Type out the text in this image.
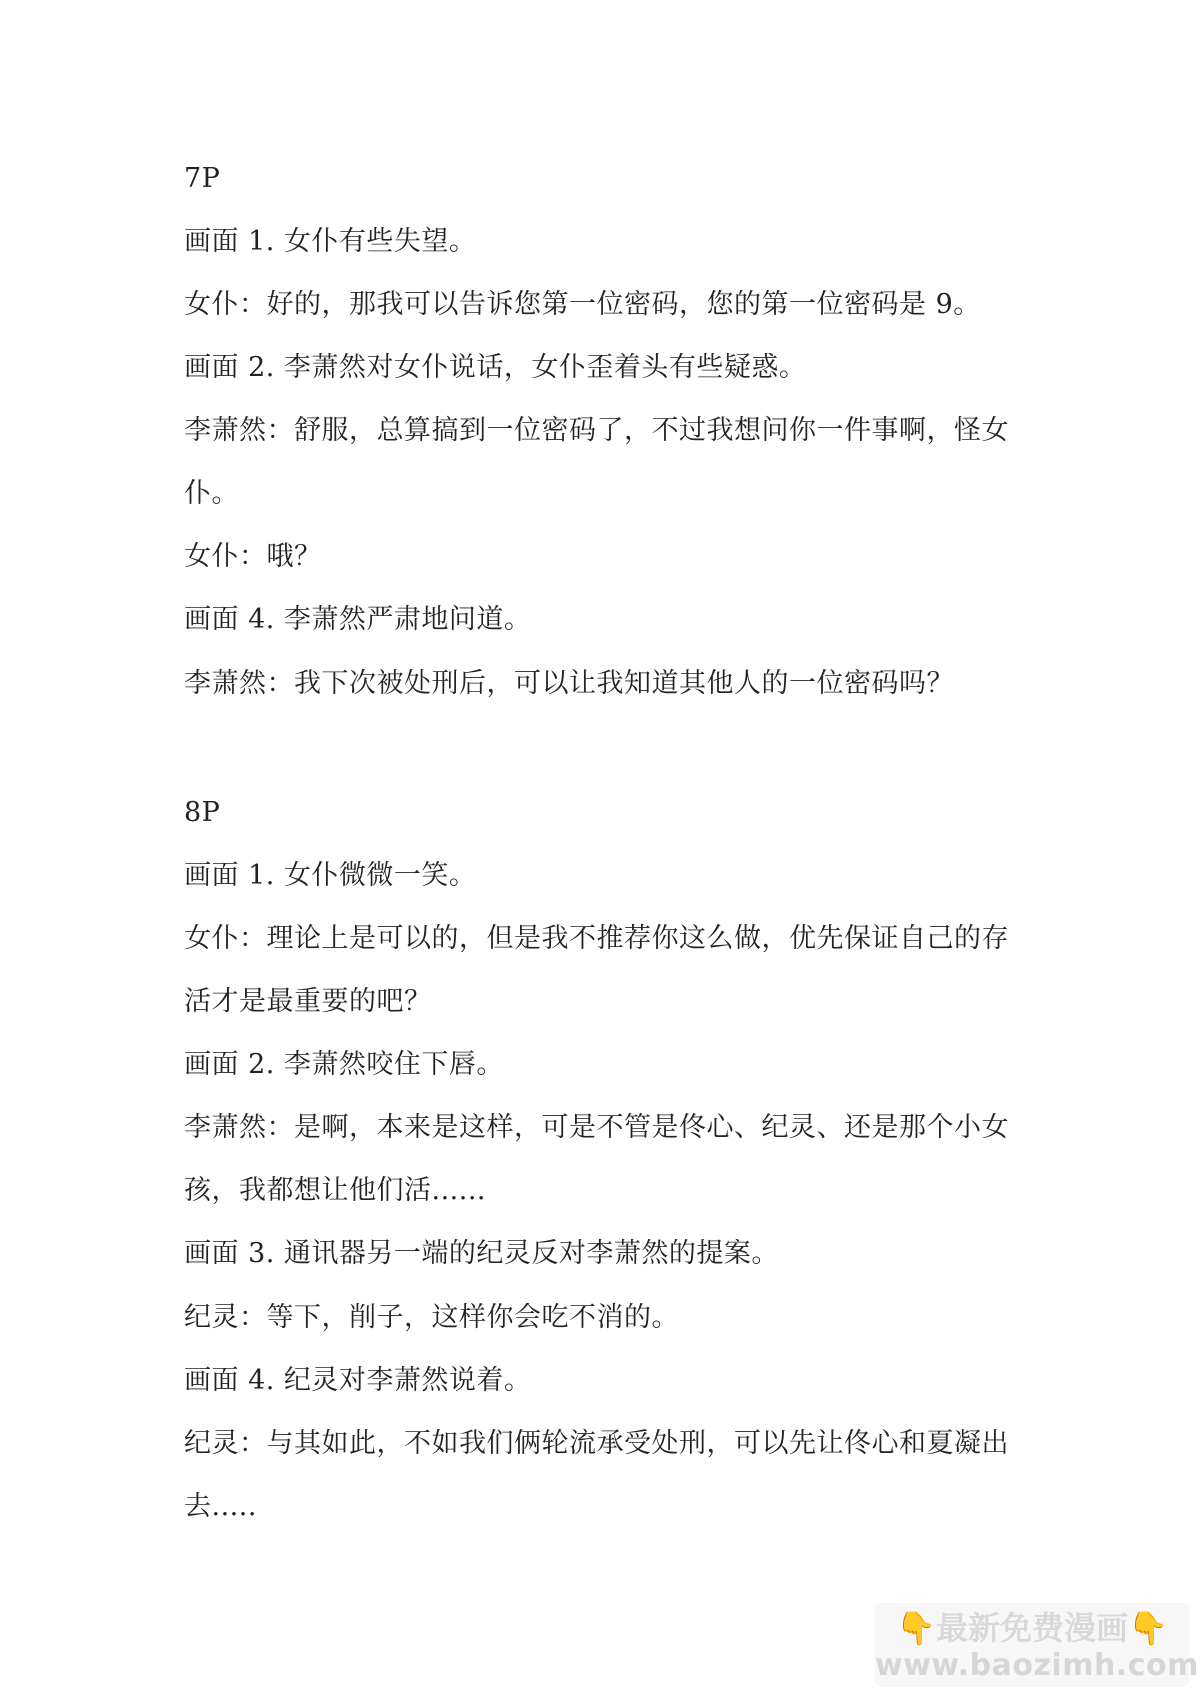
7P
画面 1. 女仆有些失望。
女仆：好的，那我可以告诉您第一位密码，您的第一位密码是 9。
画面 2. 李萧然对女仆说话，女仆歪着头有些疑惑。
李萧然：舒服，总算搞到一位密码了，不过我想问你一件事啊，怪女
仆。
女仆：哦？
画面 4. 李萧然严肃地问道。
李萧然：我下次被处刑后，可以让我知道其他人的一位密码吗？
8P
画面 1. 女仆微微一笑。
女仆：理论上是可以的，但是我不推荐你这么做，优先保证自己的存
活才是最重要的吧？
画面 2. 李萧然咬住下唇。
李萧然：是啊，本来是这样，可是不管是佟心、纪灵、还是那个小女
孩，我都想让他们活......
画面 3. 通讯器另一端的纪灵反对李萧然的提案。
纪灵：等下，削子，这样你会吃不消的。
画面 4. 纪灵对李萧然说着。
纪灵：与其如此，不如我们俩轮流承受处刑，可以先让佟心和夏凝出
去.....
👇最新免费漫画👇
www.baozimh.com
